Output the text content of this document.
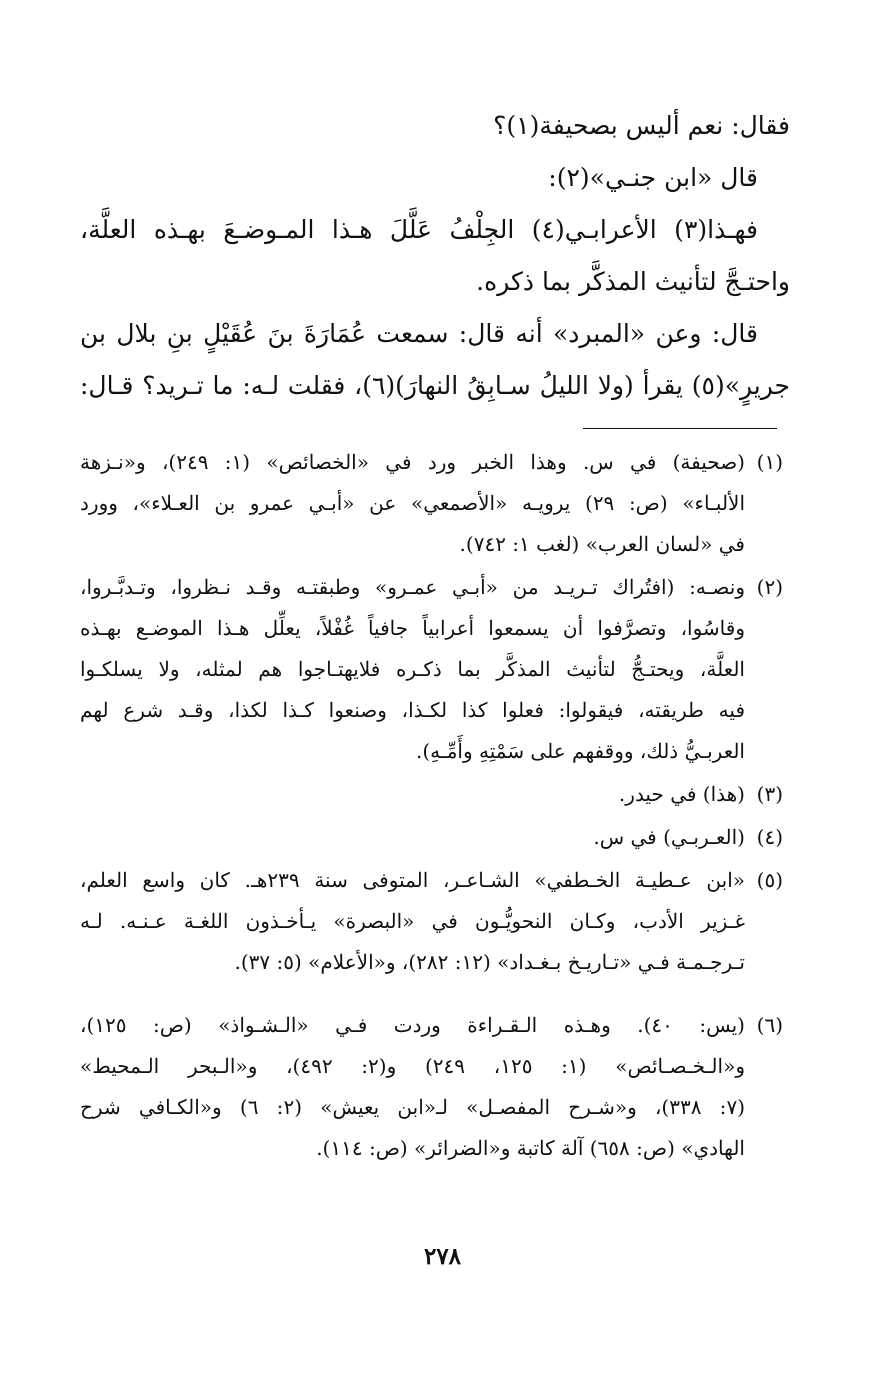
فقال: نعم أليس بصحيفة(١)؟
قال «ابن جنـي»(٢):
فهـذا(٣) الأعرابـي(٤) الجِلْفُ عَلَّلَ هـذا المـوضـعَ بهـذه العلَّة،
واحتـجَّ لتأنيث المذكَّر بما ذكره.
قال: وعن «المبرد» أنه قال: سمعت عُمَارَةَ بنَ عُقَيْلٍ بنِ بلال بن
جريرٍ»(٥) يقرأ (ولا الليلُ سـابِقُ النهارَ)(٦)، فقلت لـه: ما تـريد؟ قـال:
(١)
(صحيفة) في س. وهذا الخبر ورد في «الخصائص» (١: ٢٤٩)، و«نـزهة
الألبـاء» (ص: ٢٩) يرويـه «الأصمعي» عن «أبـي عمرو بن العـلاء»، وورد
في «لسان العرب» (لغب ١: ٧٤٢).
(٢)
ونصـه: (افتُراك تـريـد من «أبـي عمـرو» وطبقتـه وقـد نـظروا، وتـدبَّـروا،
وقاسُوا، وتصرَّفوا أن يسمعوا أعرابياً جافياً غُفْلاً، يعلِّل هـذا الموضـع بهـذه
العلَّة، ويحتـجُّ لتأنيث المذكَّر بما ذكـره فلايهتـاجوا هم لمثله، ولا يسلكـوا
فيه طريقته، فيقولوا: فعلوا كذا لكـذا، وصنعوا كـذا لكذا، وقـد شرع لهم
العربـيُّ ذلك، ووقفهم على سَمْتِهِ وأَمِّـهِ).
(٣)
(هذا) في حيدر.
(٤)
(العـربـي) في س.
(٥)
«ابن عـطيـة الخـطفي» الشـاعـر، المتوفى سنة ٢٣٩هـ. كان واسع العلم،
غـزير الأدب، وكـان النحويُّـون في «البصرة» يـأخـذون اللغـة عـنـه. لـه
تـرجـمـة فـي «تـاريـخ بـغـداد» (١٢: ٢٨٢)، و«الأعلام» (٥: ٣٧).
(٦)
(يس: ٤٠). وهـذه الـقـراءة وردت فـي «الـشـواذ» (ص: ١٢٥)،
و«الـخـصـائص» (١: ١٢٥، ٢٤٩) و(٢: ٤٩٢)، و«الـبحر الـمحيط»
(٧: ٣٣٨)، و«شـرح المفصـل» لـ«ابن يعيش» (٢: ٦) و«الكـافي شرح
الهادي» (ص: ٦٥٨) آلة كاتبة و«الضرائر» (ص: ١١٤).
٢٧٨
